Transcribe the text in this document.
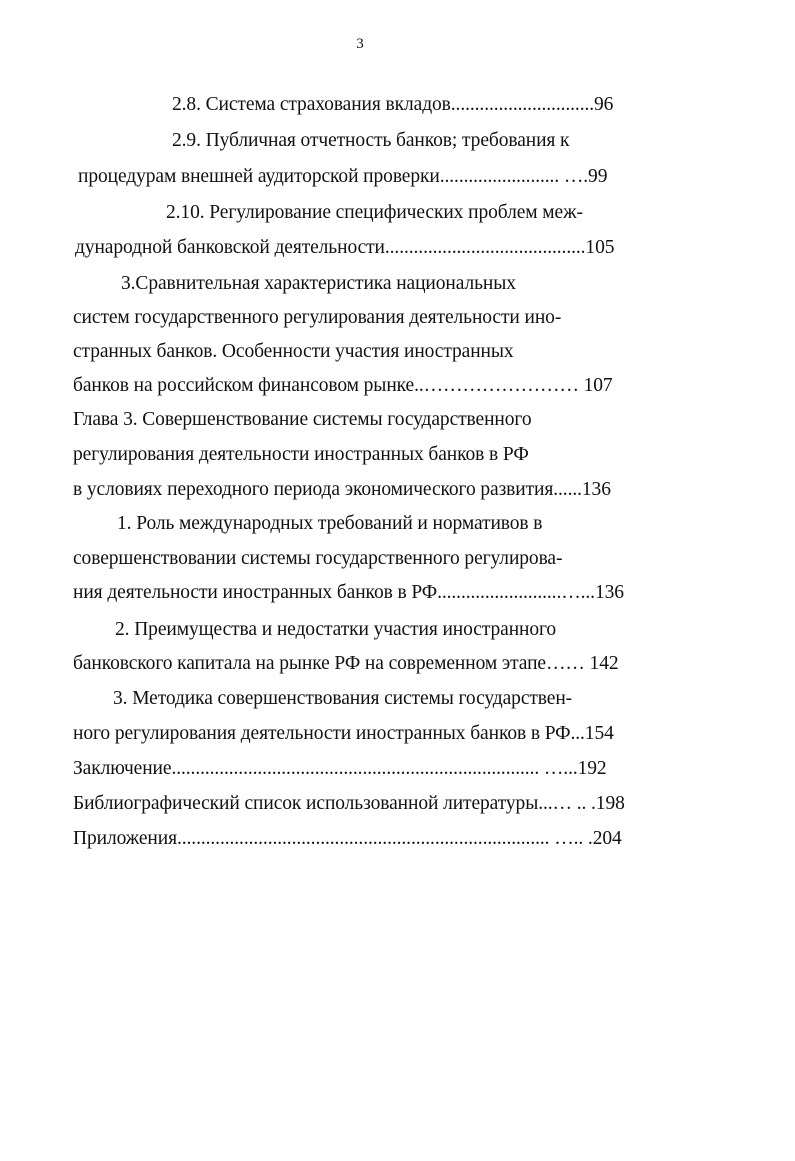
3
2.8. Система страхования вкладов..............................96
2.9. Публичная отчетность банков; требования к
процедурам внешней аудиторской проверки......................... ….99
2.10. Регулирование специфических проблем меж-
дународной банковской деятельности..........................................105
3.Сравнительная характеристика национальных
систем государственного регулирования деятельности ино-
странных банков. Особенности участия иностранных
банков на российском финансовом рынке..…………………… 107
Глава 3. Совершенствование системы государственного
регулирования деятельности иностранных банков в РФ
в условиях переходного периода экономического развития......136
1. Роль международных требований и нормативов в
совершенствовании системы государственного регулирова-
ния деятельности иностранных банков в РФ..........................…...136
2. Преимущества и недостатки участия иностранного
банковского капитала на рынке РФ на современном этапе…… 142
3. Методика совершенствования системы государствен-
ного регулирования деятельности иностранных банков в РФ...154
Заключение............................................................................. …...192
Библиографический список использованной литературы...… .. .198
Приложения.............................................................................. ….. .204
